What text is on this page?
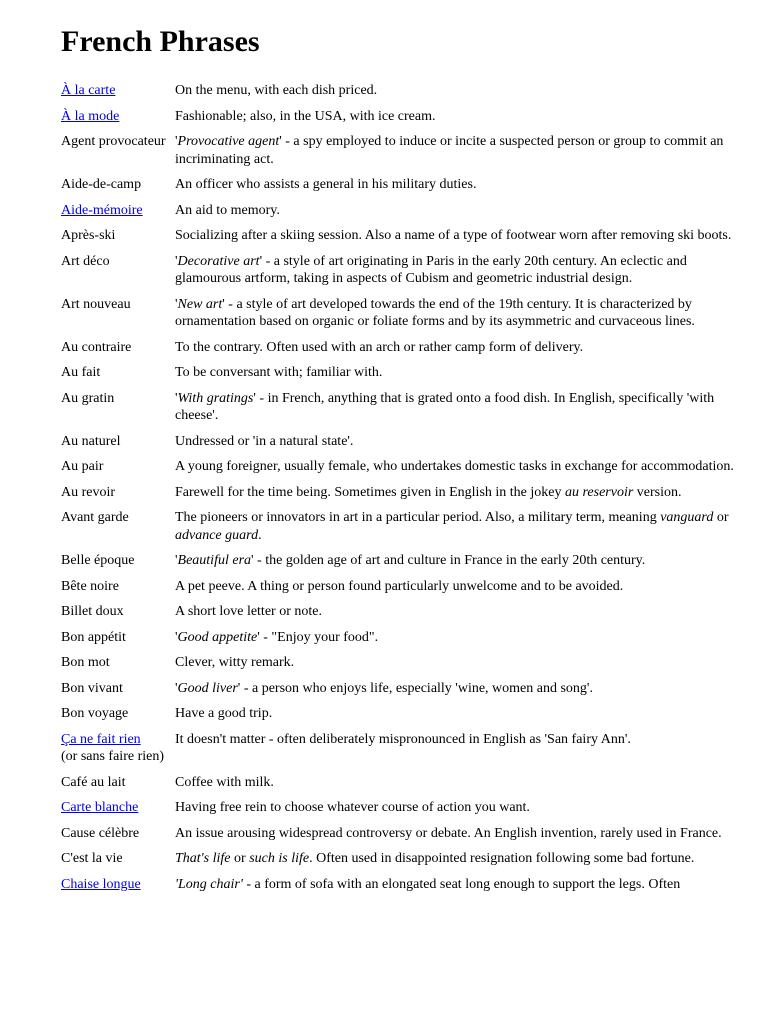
French Phrases
À la carte	On the menu, with each dish priced.
À la mode	Fashionable; also, in the USA, with ice cream.
Agent provocateur	'Provocative agent' - a spy employed to induce or incite a suspected person or group to commit an incriminating act.
Aide-de-camp	An officer who assists a general in his military duties.
Aide-mémoire	An aid to memory.
Après-ski	Socializing after a skiing session. Also a name of a type of footwear worn after removing ski boots.
Art déco	'Decorative art' - a style of art originating in Paris in the early 20th century. An eclectic and glamourous artform, taking in aspects of Cubism and geometric industrial design.
Art nouveau	'New art' - a style of art developed towards the end of the 19th century. It is characterized by ornamentation based on organic or foliate forms and by its asymmetric and curvaceous lines.
Au contraire	To the contrary. Often used with an arch or rather camp form of delivery.
Au fait	To be conversant with; familiar with.
Au gratin	'With gratings' - in French, anything that is grated onto a food dish. In English, specifically 'with cheese'.
Au naturel	Undressed or 'in a natural state'.
Au pair	A young foreigner, usually female, who undertakes domestic tasks in exchange for accommodation.
Au revoir	Farewell for the time being. Sometimes given in English in the jokey au reservoir version.
Avant garde	The pioneers or innovators in art in a particular period. Also, a military term, meaning vanguard or advance guard.
Belle époque	'Beautiful era' - the golden age of art and culture in France in the early 20th century.
Bête noire	A pet peeve. A thing or person found particularly unwelcome and to be avoided.
Billet doux	A short love letter or note.
Bon appétit	'Good appetite' - "Enjoy your food".
Bon mot	Clever, witty remark.
Bon vivant	'Good liver' - a person who enjoys life, especially 'wine, women and song'.
Bon voyage	Have a good trip.
Ça ne fait rien
(or sans faire rien)	It doesn't matter - often deliberately mispronounced in English as 'San fairy Ann'.
Café au lait	Coffee with milk.
Carte blanche	Having free rein to choose whatever course of action you want.
Cause célèbre	An issue arousing widespread controversy or debate. An English invention, rarely used in France.
C'est la vie	That's life or such is life. Often used in disappointed resignation following some bad fortune.
Chaise longue	'Long chair' - a form of sofa with an elongated seat long enough to support the legs. Often
